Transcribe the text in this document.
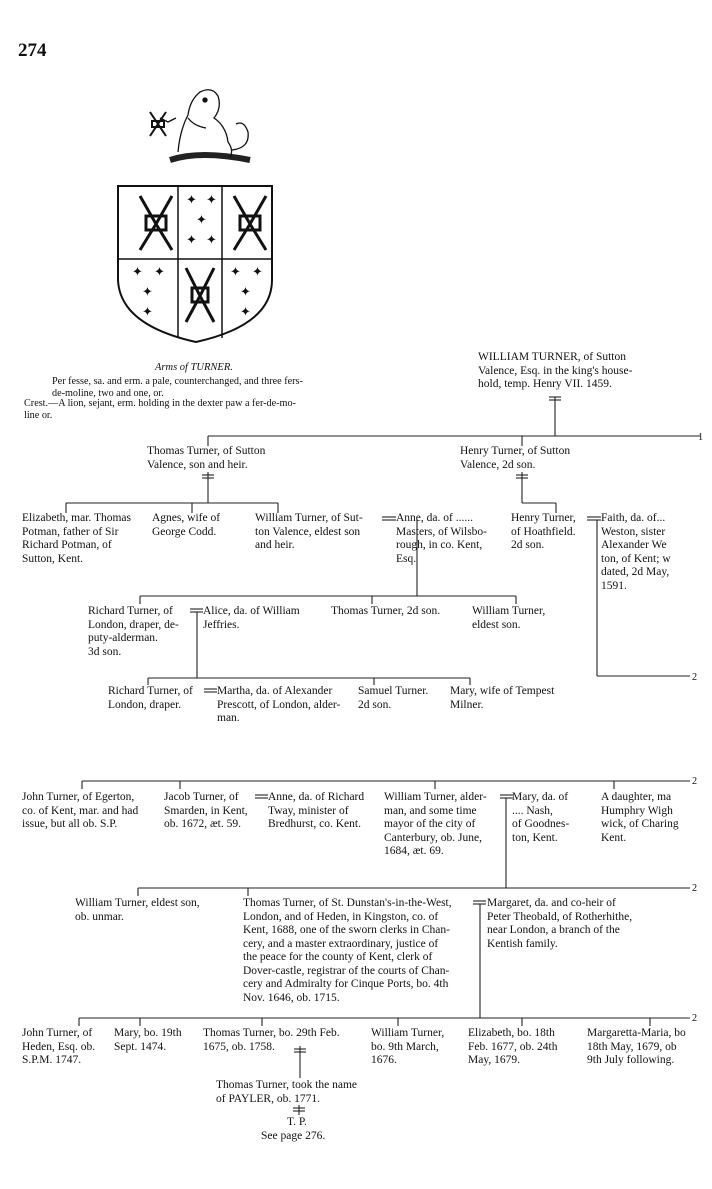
274
✦ ✦
✦
✦ ✦
✦ ✦
✦
✦
✦ ✦
✦
✦
Arms of TURNER.
Per fesse, sa. and erm. a pale, counterchanged, and three fers-
de-moline, two and one, or.
Crest.—A lion, sejant, erm. holding in the dexter paw a fer-de-mo-
line or.
1
2
2
2
2
WILLIAM TURNER, of Sutton
Valence, Esq. in the king's house-
hold, temp. Henry VII. 1459.
Thomas Turner, of Sutton
Valence, son and heir.
Henry Turner, of Sutton
Valence, 2d son.
Elizabeth, mar. Thomas
Potman, father of Sir
Richard Potman, of
Sutton, Kent.
Agnes, wife of
George Codd.
William Turner, of Sut-
ton Valence, eldest son
and heir.
Anne, da. of ......
Masters, of Wilsbo-
rough, in co. Kent,
Esq.
Henry Turner,
of Hoathfield.
2d son.
Faith, da. of...
Weston, sister
Alexander We
ton, of Kent; w
dated, 2d May,
1591.
Richard Turner, of
London, draper, de-
puty-alderman.
3d son.
Alice, da. of William
Jeffries.
Thomas Turner, 2d son.	William Turner,
eldest son.
Richard Turner, of
London, draper.
Martha, da. of Alexander
Prescott, of London, alder-
man.
Samuel Turner.
2d son.
Mary, wife of Tempest
Milner.
John Turner, of Egerton,
co. of Kent, mar. and had
issue, but all ob. S.P.
Jacob Turner, of
Smarden, in Kent,
ob. 1672, æt. 59.
Anne, da. of Richard
Tway, minister of
Bredhurst, co. Kent.
William Turner, alder-
man, and some time
mayor of the city of
Canterbury, ob. June,
1684, æt. 69.
Mary, da. of
.... Nash,
of Goodnes-
ton, Kent.
A daughter, ma
Humphry Wigh
wick, of Charing
Kent.
William Turner, eldest son,
ob. unmar.
Thomas Turner, of St. Dunstan's-in-the-West,
London, and of Heden, in Kingston, co. of
Kent, 1688, one of the sworn clerks in Chan-
cery, and a master extraordinary, justice of
the peace for the county of Kent, clerk of
Dover-castle, registrar of the courts of Chan-
cery and Admiralty for Cinque Ports, bo. 4th
Nov. 1646, ob. 1715.
Margaret, da. and co-heir of
Peter Theobald, of Rotherhithe,
near London, a branch of the
Kentish family.
John Turner, of
Heden, Esq. ob.
S.P.M. 1747.
Mary, bo. 19th
Sept. 1474.
Thomas Turner, bo. 29th Feb.
1675, ob. 1758.
William Turner,
bo. 9th March,
1676.
Elizabeth, bo. 18th
Feb. 1677, ob. 24th
May, 1679.
Margaretta-Maria, bo
18th May, 1679, ob
9th July following.
Thomas Turner, took the name
of PAYLER, ob. 1771.
T. P.
See page 276.
